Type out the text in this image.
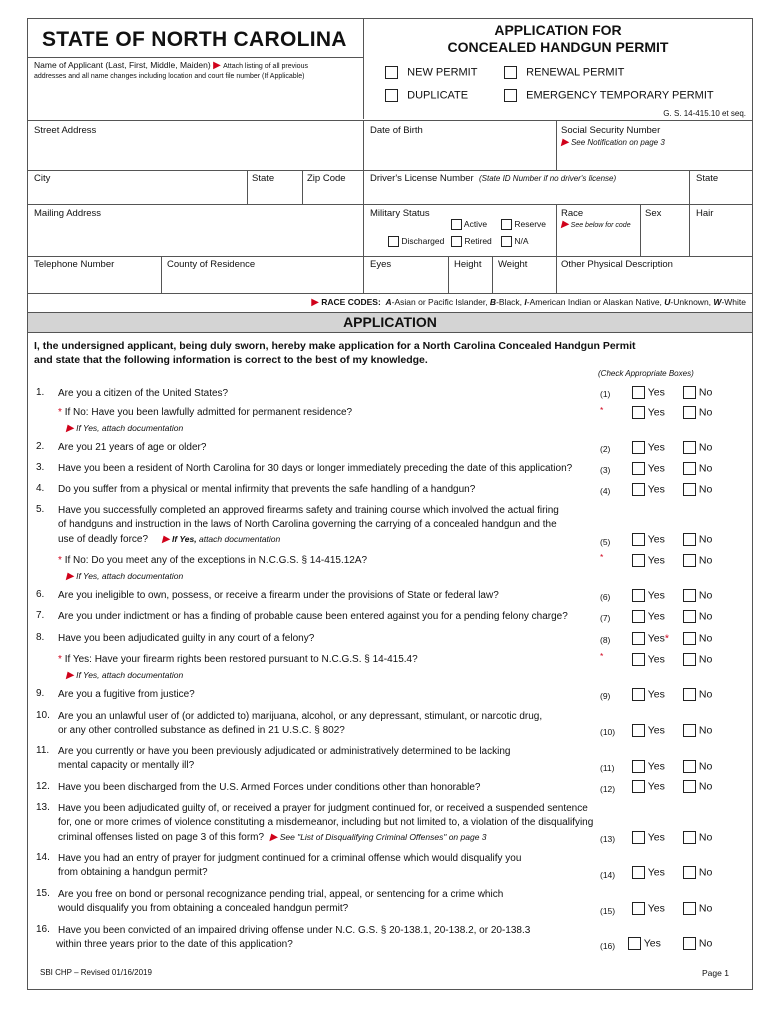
STATE OF NORTH CAROLINA	APPLICATION FOR
CONCEALED HANDGUN PERMIT
Name of Applicant (Last, First, Middle, Maiden) ▶ Attach listing of all previous
addresses and all name changes including location and court file number (If Applicable)	NEW PERMIT	RENEWAL PERMIT
DUPLICATE	EMERGENCY TEMPORARY PERMIT
G. S. 14-415.10 et seq.
Street Address	Date of Birth	Social Security Number
▶ See Notification on page 3
City	State	Zip Code	Driver's License Number (State ID Number if no driver's license)	State
Mailing Address	Military Status
Active	Reserve
Discharged	Retired	N/A
Race
▶ See below for code
Sex	Hair
Telephone Number	County of Residence	Eyes	Height Weight	Other Physical Description
▶ RACE CODES: A-Asian or Pacific Islander, B-Black, I-American Indian or Alaskan Native, U-Unknown, W-White
APPLICATION
I, the undersigned applicant, being duly sworn, hereby make application for a North Carolina Concealed Handgun Permit
and state that the following information is correct to the best of my knowledge.
(Check Appropriate Boxes)
1.	Are you a citizen of the United States?	(1)	Yes	No
* If No: Have you been lawfully admitted for permanent residence?	*	Yes	No
▶ If Yes, attach documentation
2.	Are you 21 years of age or older?	(2)	Yes	No
3.	Have you been a resident of North Carolina for 30 days or longer immediately preceding the date of this application?	(3)	Yes	No
4.	Do you suffer from a physical or mental infirmity that prevents the safe handling of a handgun?	(4)	Yes	No
5.	Have you successfully completed an approved firearms safety and training course which involved the actual firing
of handguns and instruction in the laws of North Carolina governing the carrying of a concealed handgun and the
use of deadly force? ▶ If Yes, attach documentation	(5)	Yes	No
* If No: Do you meet any of the exceptions in N.C.G.S. § 14-415.12A?	*	Yes	No
▶ If Yes, attach documentation
6.	Are you ineligible to own, possess, or receive a firearm under the provisions of State or federal law?	(6)	Yes	No
7.	Are you under indictment or has a finding of probable cause been entered against you for a pending felony charge?	(7)	Yes	No
8.	Have you been adjudicated guilty in any court of a felony?	(8)	Yes*	No
* If Yes: Have your firearm rights been restored pursuant to N.C.G.S. § 14-415.4?	*	Yes	No
▶ If Yes, attach documentation
9.	Are you a fugitive from justice?	(9)	Yes	No
10. Are you an unlawful user of (or addicted to) marijuana, alcohol, or any depressant, stimulant, or narcotic drug,
or any other controlled substance as defined in 21 U.S.C. § 802?	(10)	Yes	No
11. Are you currently or have you been previously adjudicated or administratively determined to be lacking
mental capacity or mentally ill?	(11)	Yes	No
12. Have you been discharged from the U.S. Armed Forces under conditions other than honorable?	(12)	Yes	No
13. Have you been adjudicated guilty of, or received a prayer for judgment continued for, or received a suspended sentence
for, one or more crimes of violence constituting a misdemeanor, including but not limited to, a violation of the disqualifying
criminal offenses listed on page 3 of this form? ▶ See "List of Disqualifying Criminal Offenses" on page 3	(13)	Yes	No
14. Have you had an entry of prayer for judgment continued for a criminal offense which would disqualify you
from obtaining a handgun permit?	(14)	Yes	No
15. Are you free on bond or personal recognizance pending trial, appeal, or sentencing for a crime which
would disqualify you from obtaining a concealed handgun permit?	(15)	Yes	No
16. Have you been convicted of an impaired driving offense under N.C. G.S. § 20-138.1, 20-138.2, or 20-138.3
within three years prior to the date of this application?	(16)	Yes	No
SBI CHP – Revised 01/16/2019	Page 1
